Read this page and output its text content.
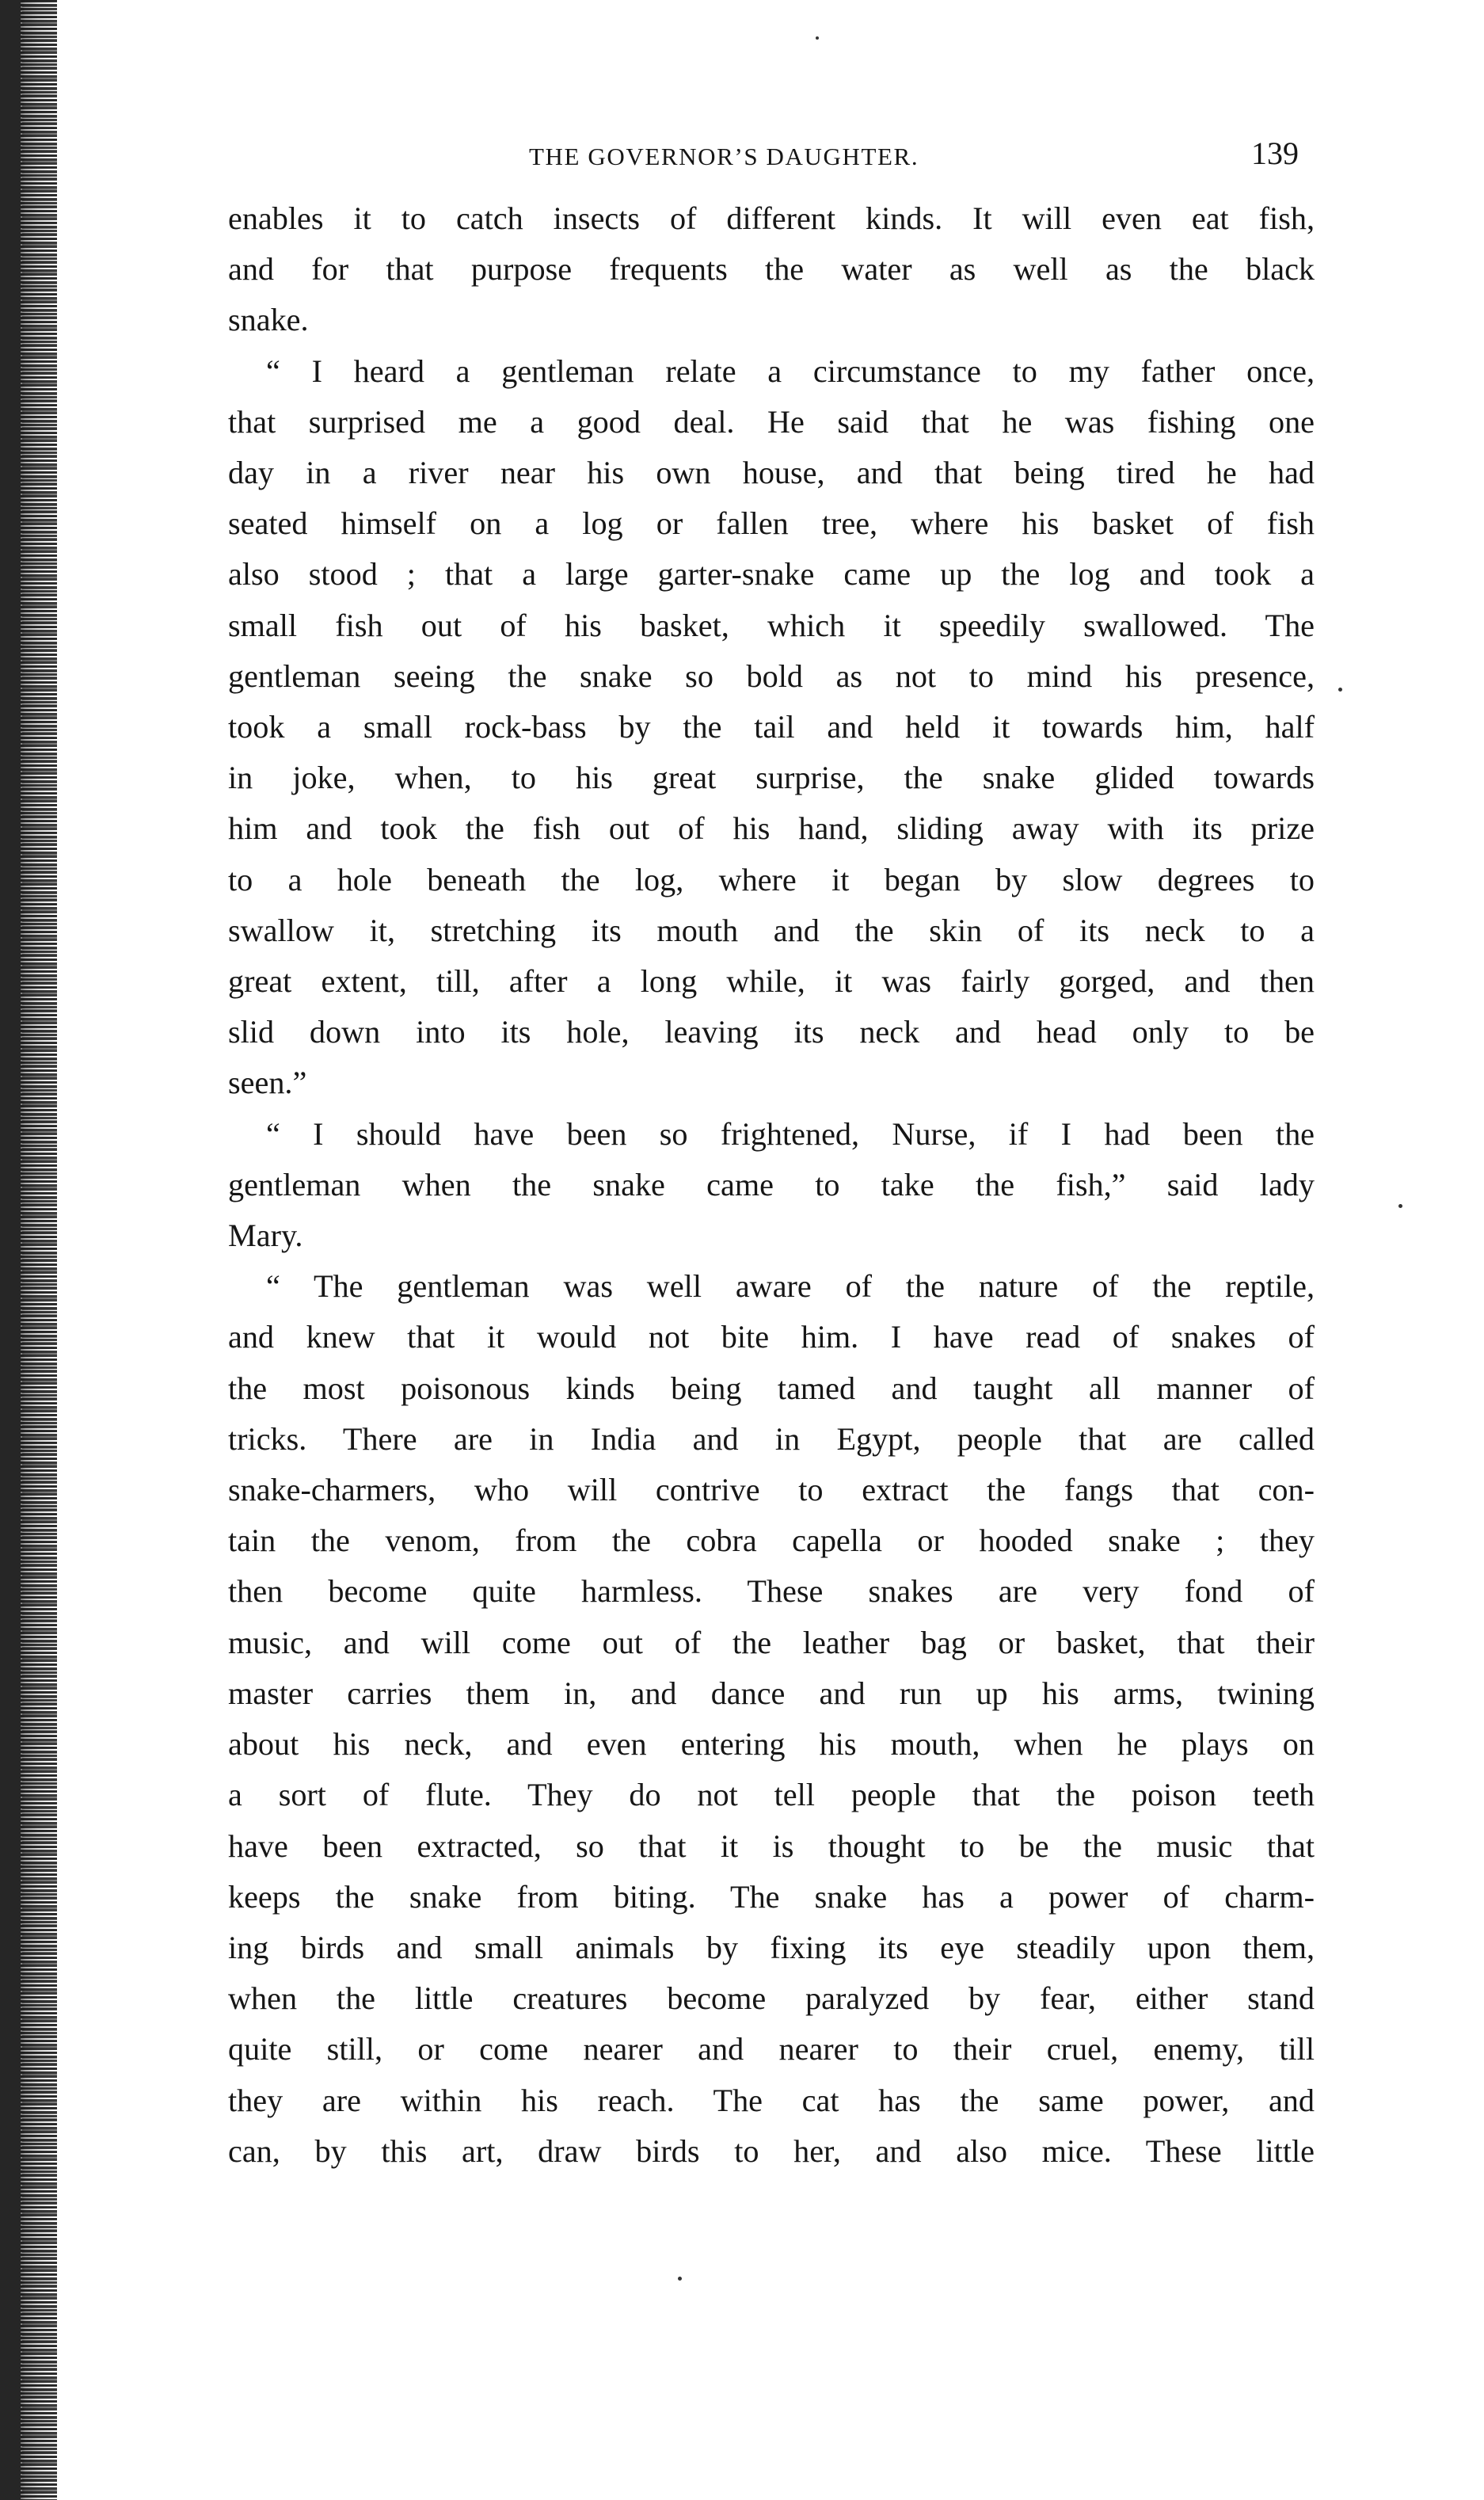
THE GOVERNOR’S DAUGHTER.	139

enables it to catch insects of different kinds. It will even eat fish,
and for that purpose frequents the water as well as the black
snake.

“ I heard a gentleman relate a circumstance to my father once,
that surprised me a good deal. He said that he was fishing one
day in a river near his own house, and that being tired he had
seated himself on a log or fallen tree, where his basket of fish
also stood ; that a large garter-snake came up the log and took a
small fish out of his basket, which it speedily swallowed. The
gentleman seeing the snake so bold as not to mind his presence,
took a small rock-bass by the tail and held it towards him, half
in joke, when, to his great surprise, the snake glided towards
him and took the fish out of his hand, sliding away with its prize
to a hole beneath the log, where it began by slow degrees to
swallow it, stretching its mouth and the skin of its neck to a
great extent, till, after a long while, it was fairly gorged, and then
slid down into its hole, leaving its neck and head only to be
seen.”

“ I should have been so frightened, Nurse, if I had been the
gentleman when the snake came to take the fish,” said lady
Mary.

“ The gentleman was well aware of the nature of the reptile,
and knew that it would not bite him. I have read of snakes of
the most poisonous kinds being tamed and taught all manner of
tricks. There are in India and in Egypt, people that are called
snake-charmers, who will contrive to extract the fangs that con-
tain the venom, from the cobra capella or hooded snake ; they
then become quite harmless. These snakes are very fond of
music, and will come out of the leather bag or basket, that their
master carries them in, and dance and run up his arms, twining
about his neck, and even entering his mouth, when he plays on
a sort of flute. They do not tell people that the poison teeth
have been extracted, so that it is thought to be the music that
keeps the snake from biting. The snake has a power of charm-
ing birds and small animals by fixing its eye steadily upon them,
when the little creatures become paralyzed by fear, either stand
quite still, or come nearer and nearer to their cruel, enemy, till
they are within his reach. The cat has the same power, and
can, by this art, draw birds to her, and also mice. These little
